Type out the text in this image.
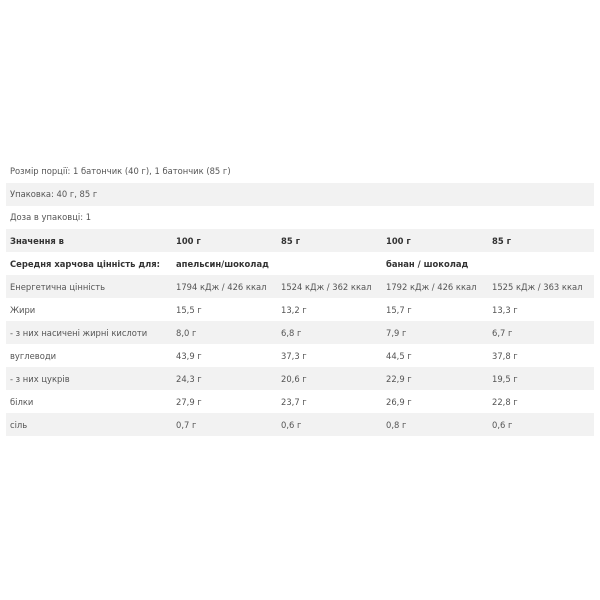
Розмір порції: 1 батончик (40 г), 1 батончик (85 г)
Упаковка: 40 г, 85 г
Доза в упаковці: 1
Значення в	100 г	85 г	100 г	85 г
Середня харчова цінність для:	апельсин/шоколад		банан / шоколад	
Енергетична цінність	1794 кДж / 426 ккал	1524 кДж / 362 ккал	1792 кДж / 426 ккал	1525 кДж / 363 ккал
Жири	15,5 г	13,2 г	15,7 г	13,3 г
- з них насичені жирні кислоти	8,0 г	6,8 г	7,9 г	6,7 г
вуглеводи	43,9 г	37,3 г	44,5 г	37,8 г
- з них цукрів	24,3 г	20,6 г	22,9 г	19,5 г
білки	27,9 г	23,7 г	26,9 г	22,8 г
сіль	0,7 г	0,6 г	0,8 г	0,6 г
